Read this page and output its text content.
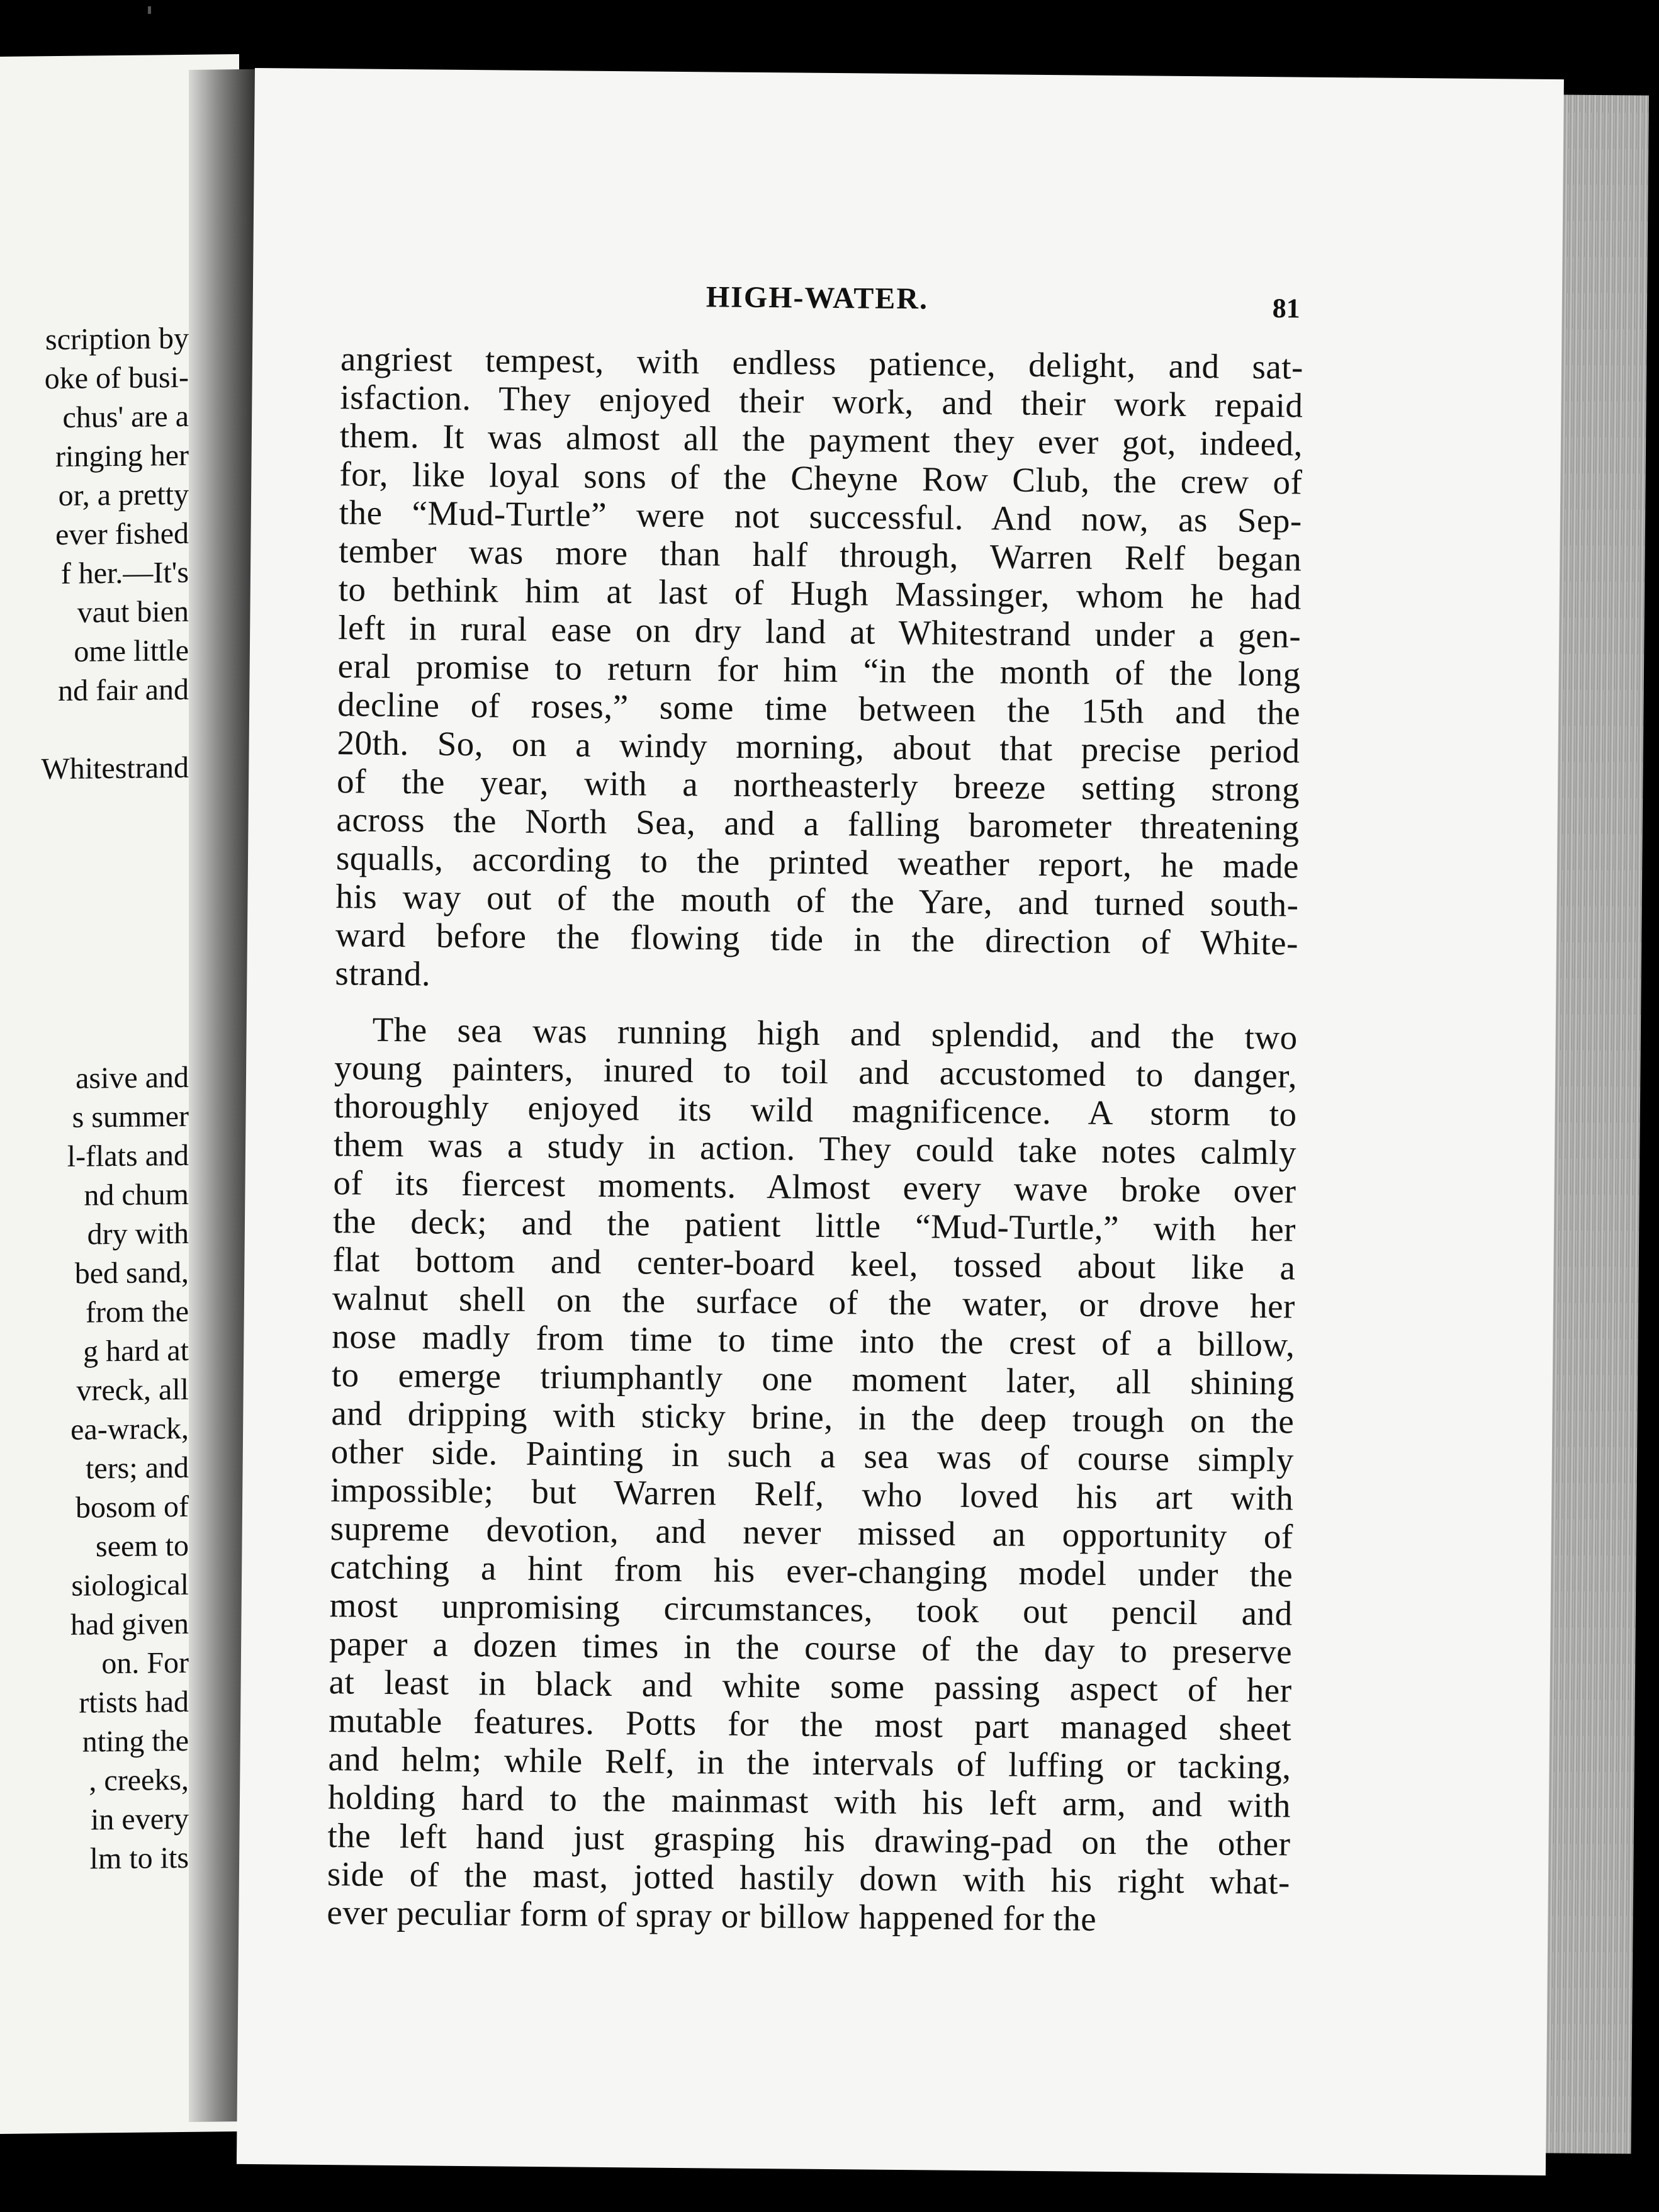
scription by
oke of busi-
chus' are a
ringing her
or, a pretty
ever fished
f her.—It's
vaut bien
ome little
nd fair and
Whitestrand
asive and
s summer
l-flats and
nd chum
dry with
bed sand,
from the
g hard at
vreck, all
ea-wrack,
ters; and
bosom of
seem to
siological
had given
on. For
rtists had
nting the
, creeks,
in every
lm to its
HIGH-WATER.	81
angriest tempest, with endless patience, delight, and sat-
isfaction. They enjoyed their work, and their work repaid
them. It was almost all the payment they ever got, indeed,
for, like loyal sons of the Cheyne Row Club, the crew of
the “Mud-Turtle” were not successful. And now, as Sep-
tember was more than half through, Warren Relf began
to bethink him at last of Hugh Massinger, whom he had
left in rural ease on dry land at Whitestrand under a gen-
eral promise to return for him “in the month of the long
decline of roses,” some time between the 15th and the
20th. So, on a windy morning, about that precise period
of the year, with a northeasterly breeze setting strong
across the North Sea, and a falling barometer threatening
squalls, according to the printed weather report, he made
his way out of the mouth of the Yare, and turned south-
ward before the flowing tide in the direction of White-
strand.
The sea was running high and splendid, and the two
young painters, inured to toil and accustomed to danger,
thoroughly enjoyed its wild magnificence. A storm to
them was a study in action. They could take notes calmly
of its fiercest moments. Almost every wave broke over
the deck; and the patient little “Mud-Turtle,” with her
flat bottom and center-board keel, tossed about like a
walnut shell on the surface of the water, or drove her
nose madly from time to time into the crest of a billow,
to emerge triumphantly one moment later, all shining
and dripping with sticky brine, in the deep trough on the
other side. Painting in such a sea was of course simply
impossible; but Warren Relf, who loved his art with
supreme devotion, and never missed an opportunity of
catching a hint from his ever-changing model under the
most unpromising circumstances, took out pencil and
paper a dozen times in the course of the day to preserve
at least in black and white some passing aspect of her
mutable features. Potts for the most part managed sheet
and helm; while Relf, in the intervals of luffing or tacking,
holding hard to the mainmast with his left arm, and with
the left hand just grasping his drawing-pad on the other
side of the mast, jotted hastily down with his right what-
ever peculiar form of spray or billow happened for the
